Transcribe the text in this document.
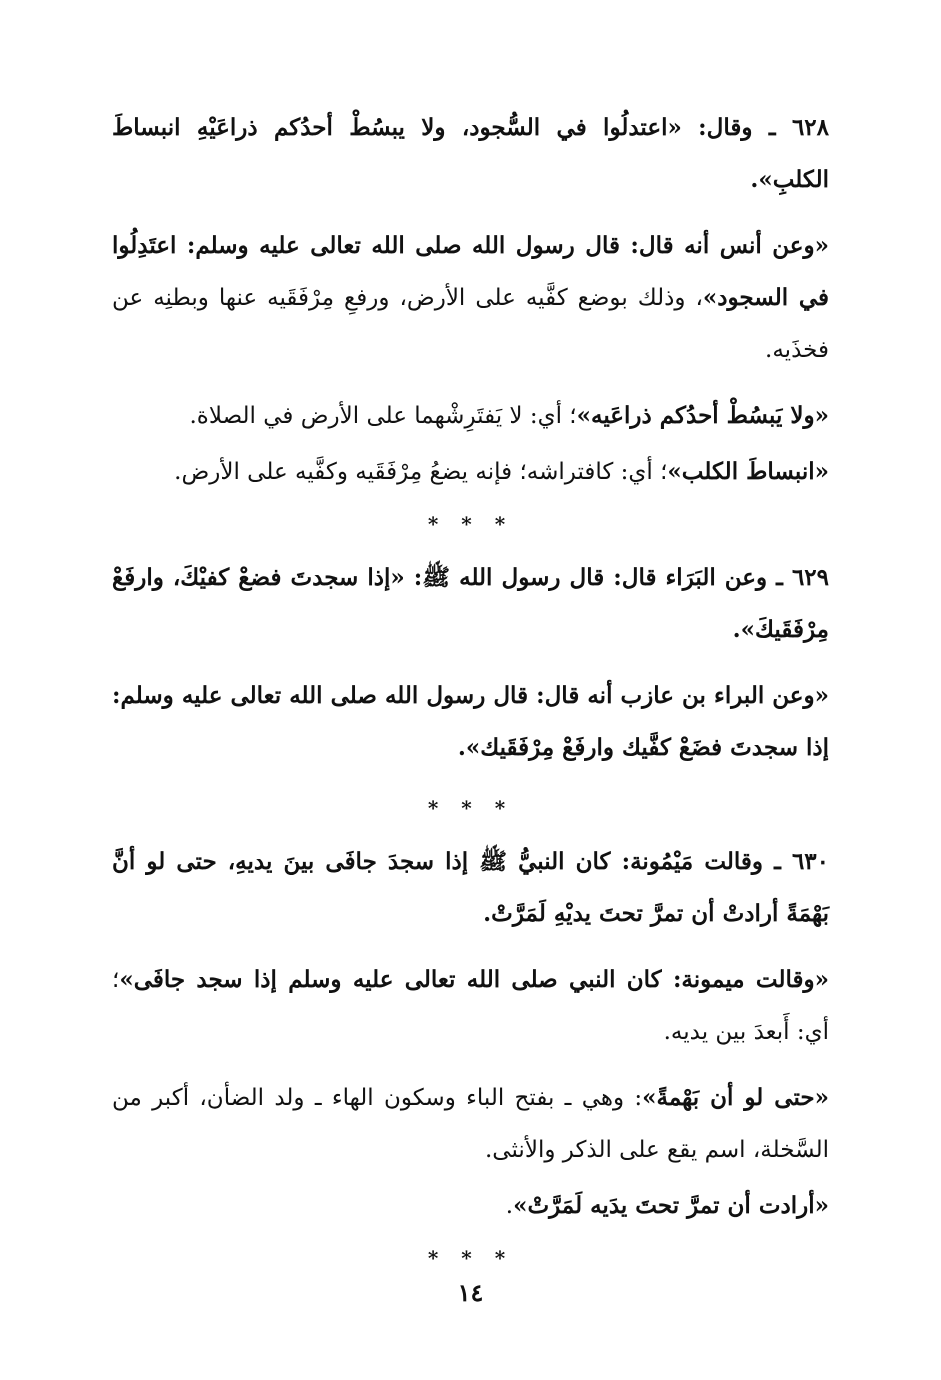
٦٢٨ ـ وقال: «اعتدلُوا في السُّجود، ولا يبسُطْ أحدُكم ذراعَيْهِ انبساطَ الكلبِ».

«وعن أنس أنه قال: قال رسول الله صلى الله تعالى عليه وسلم: اعتَدِلُوا في السجود»، وذلك بوضع كفَّيه على الأرض، ورفعِ مِرْفَقَيه عنها وبطنِه عن فخذَيه.

«ولا يَبسُطْ أحدُكم ذراعَيه»؛ أي: لا يَفتَرِشْهما على الأرض في الصلاة.

«انبساطَ الكلب»؛ أي: كافتراشه؛ فإنه يضعُ مِرْفَقَيه وكفَّيه على الأرض.

* * *

٦٢٩ ـ وعن البَرَاء قال: قال رسول الله ﷺ: «إذا سجدتَ فضعْ كفيْكَ، وارفَعْ مِرْفَقَيكَ».

«وعن البراء بن عازب أنه قال: قال رسول الله صلى الله تعالى عليه وسلم: إذا سجدتَ فضَعْ كفَّيك وارفَعْ مِرْفَقَيك».

* * *

٦٣٠ ـ وقالت مَيْمُونة: كان النبيُّ ﷺ إذا سجدَ جافَى بينَ يديهِ، حتى لو أنَّ بَهْمَةً أرادتْ أن تمرَّ تحتَ يديْهِ لَمَرَّتْ.

«وقالت ميمونة: كان النبي صلى الله تعالى عليه وسلم إذا سجد جافَى»؛ أي: أَبعدَ بين يديه.

«حتى لو أن بَهْمةً»: وهي ـ بفتح الباء وسكون الهاء ـ ولد الضأن، أكبر من السَّخلة، اسم يقع على الذكر والأنثى.

«أرادت أن تمرَّ تحتَ يدَيه لَمَرَّتْ».

* * *
١٤
